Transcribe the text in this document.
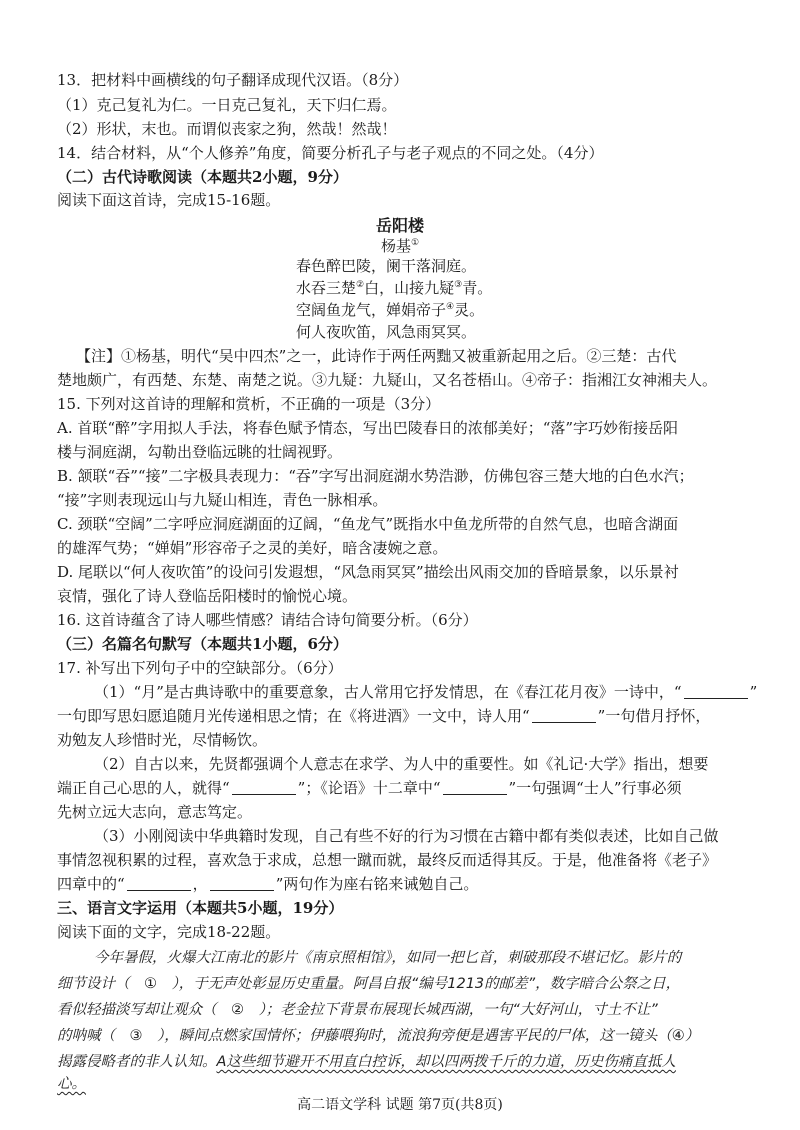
13．把材料中画横线的句子翻译成现代汉语。（8分）
（1）克己复礼为仁。一日克己复礼，天下归仁焉。
（2）形状，末也。而谓似丧家之狗，然哉！然哉！
14．结合材料，从“个人修养”角度，简要分析孔子与老子观点的不同之处。（4分）
（二）古代诗歌阅读（本题共2小题，9分）
阅读下面这首诗，完成15-16题。
岳阳楼
杨基①
春色醉巴陵，阑干落洞庭。
水吞三楚②白，山接九疑③青。
空阔鱼龙气，婵娟帝子④灵。
何人夜吹笛，风急雨冥冥。
【注】①杨基，明代“吴中四杰”之一，此诗作于两任两黜又被重新起用之后。②三楚：古代
楚地颇广，有西楚、东楚、南楚之说。③九疑：九疑山，又名苍梧山。④帝子：指湘江女神湘夫人。
15. 下列对这首诗的理解和赏析，不正确的一项是（3分）
A. 首联“醉”字用拟人手法，将春色赋予情态，写出巴陵春日的浓郁美好；“落”字巧妙衔接岳阳
楼与洞庭湖，勾勒出登临远眺的壮阔视野。
B. 颔联“吞”“接”二字极具表现力：“吞”字写出洞庭湖水势浩渺，仿佛包容三楚大地的白色水汽；
“接”字则表现远山与九疑山相连，青色一脉相承。
C. 颈联“空阔”二字呼应洞庭湖面的辽阔，“鱼龙气”既指水中鱼龙所带的自然气息，也暗含湖面
的雄浑气势；“婵娟”形容帝子之灵的美好，暗含凄婉之意。
D. 尾联以“何人夜吹笛”的设问引发遐想，“风急雨冥冥”描绘出风雨交加的昏暗景象，以乐景衬
哀情，强化了诗人登临岳阳楼时的愉悦心境。
16. 这首诗蕴含了诗人哪些情感？请结合诗句简要分析。（6分）
（三）名篇名句默写（本题共1小题，6分）
17. 补写出下列句子中的空缺部分。（6分）
（1）“月”是古典诗歌中的重要意象，古人常用它抒发情思，在《春江花月夜》一诗中，“	”
一句即写思妇愿追随月光传递相思之情；在《将进酒》一文中，诗人用“	”一句借月抒怀，
劝勉友人珍惜时光，尽情畅饮。
（2）自古以来，先贤都强调个人意志在求学、为人中的重要性。如《礼记·大学》指出，想要
端正自己心思的人，就得“	”；《论语》十二章中“	”一句强调“士人”行事必须
先树立远大志向，意志笃定。
（3）小刚阅读中华典籍时发现，自己有些不好的行为习惯在古籍中都有类似表述，比如自己做
事情忽视积累的过程，喜欢急于求成，总想一蹴而就，最终反而适得其反。于是，他准备将《老子》
四章中的“	，	”两句作为座右铭来诫勉自己。
三、语言文字运用（本题共5小题，19分）
阅读下面的文字，完成18-22题。
今年暑假，火爆大江南北的影片《南京照相馆》，如同一把匕首，刺破那段不堪记忆。影片的
细节设计（　①　），于无声处彰显历史重量。阿昌自报“编号1213的邮差”，数字暗合公祭之日，
看似轻描淡写却让观众（　②　）；老金拉下背景布展现长城西湖，一句“大好河山，寸土不让”
的呐喊（　③　），瞬间点燃家国情怀；伊藤喂狗时，流浪狗旁便是遇害平民的尸体，这一镜头（④）
揭露侵略者的非人认知。A这些细节避开不用直白控诉，却以四两拨千斤的力道，历史伤痛直抵人
心。
高二语文学科 试题 第7页(共8页)
